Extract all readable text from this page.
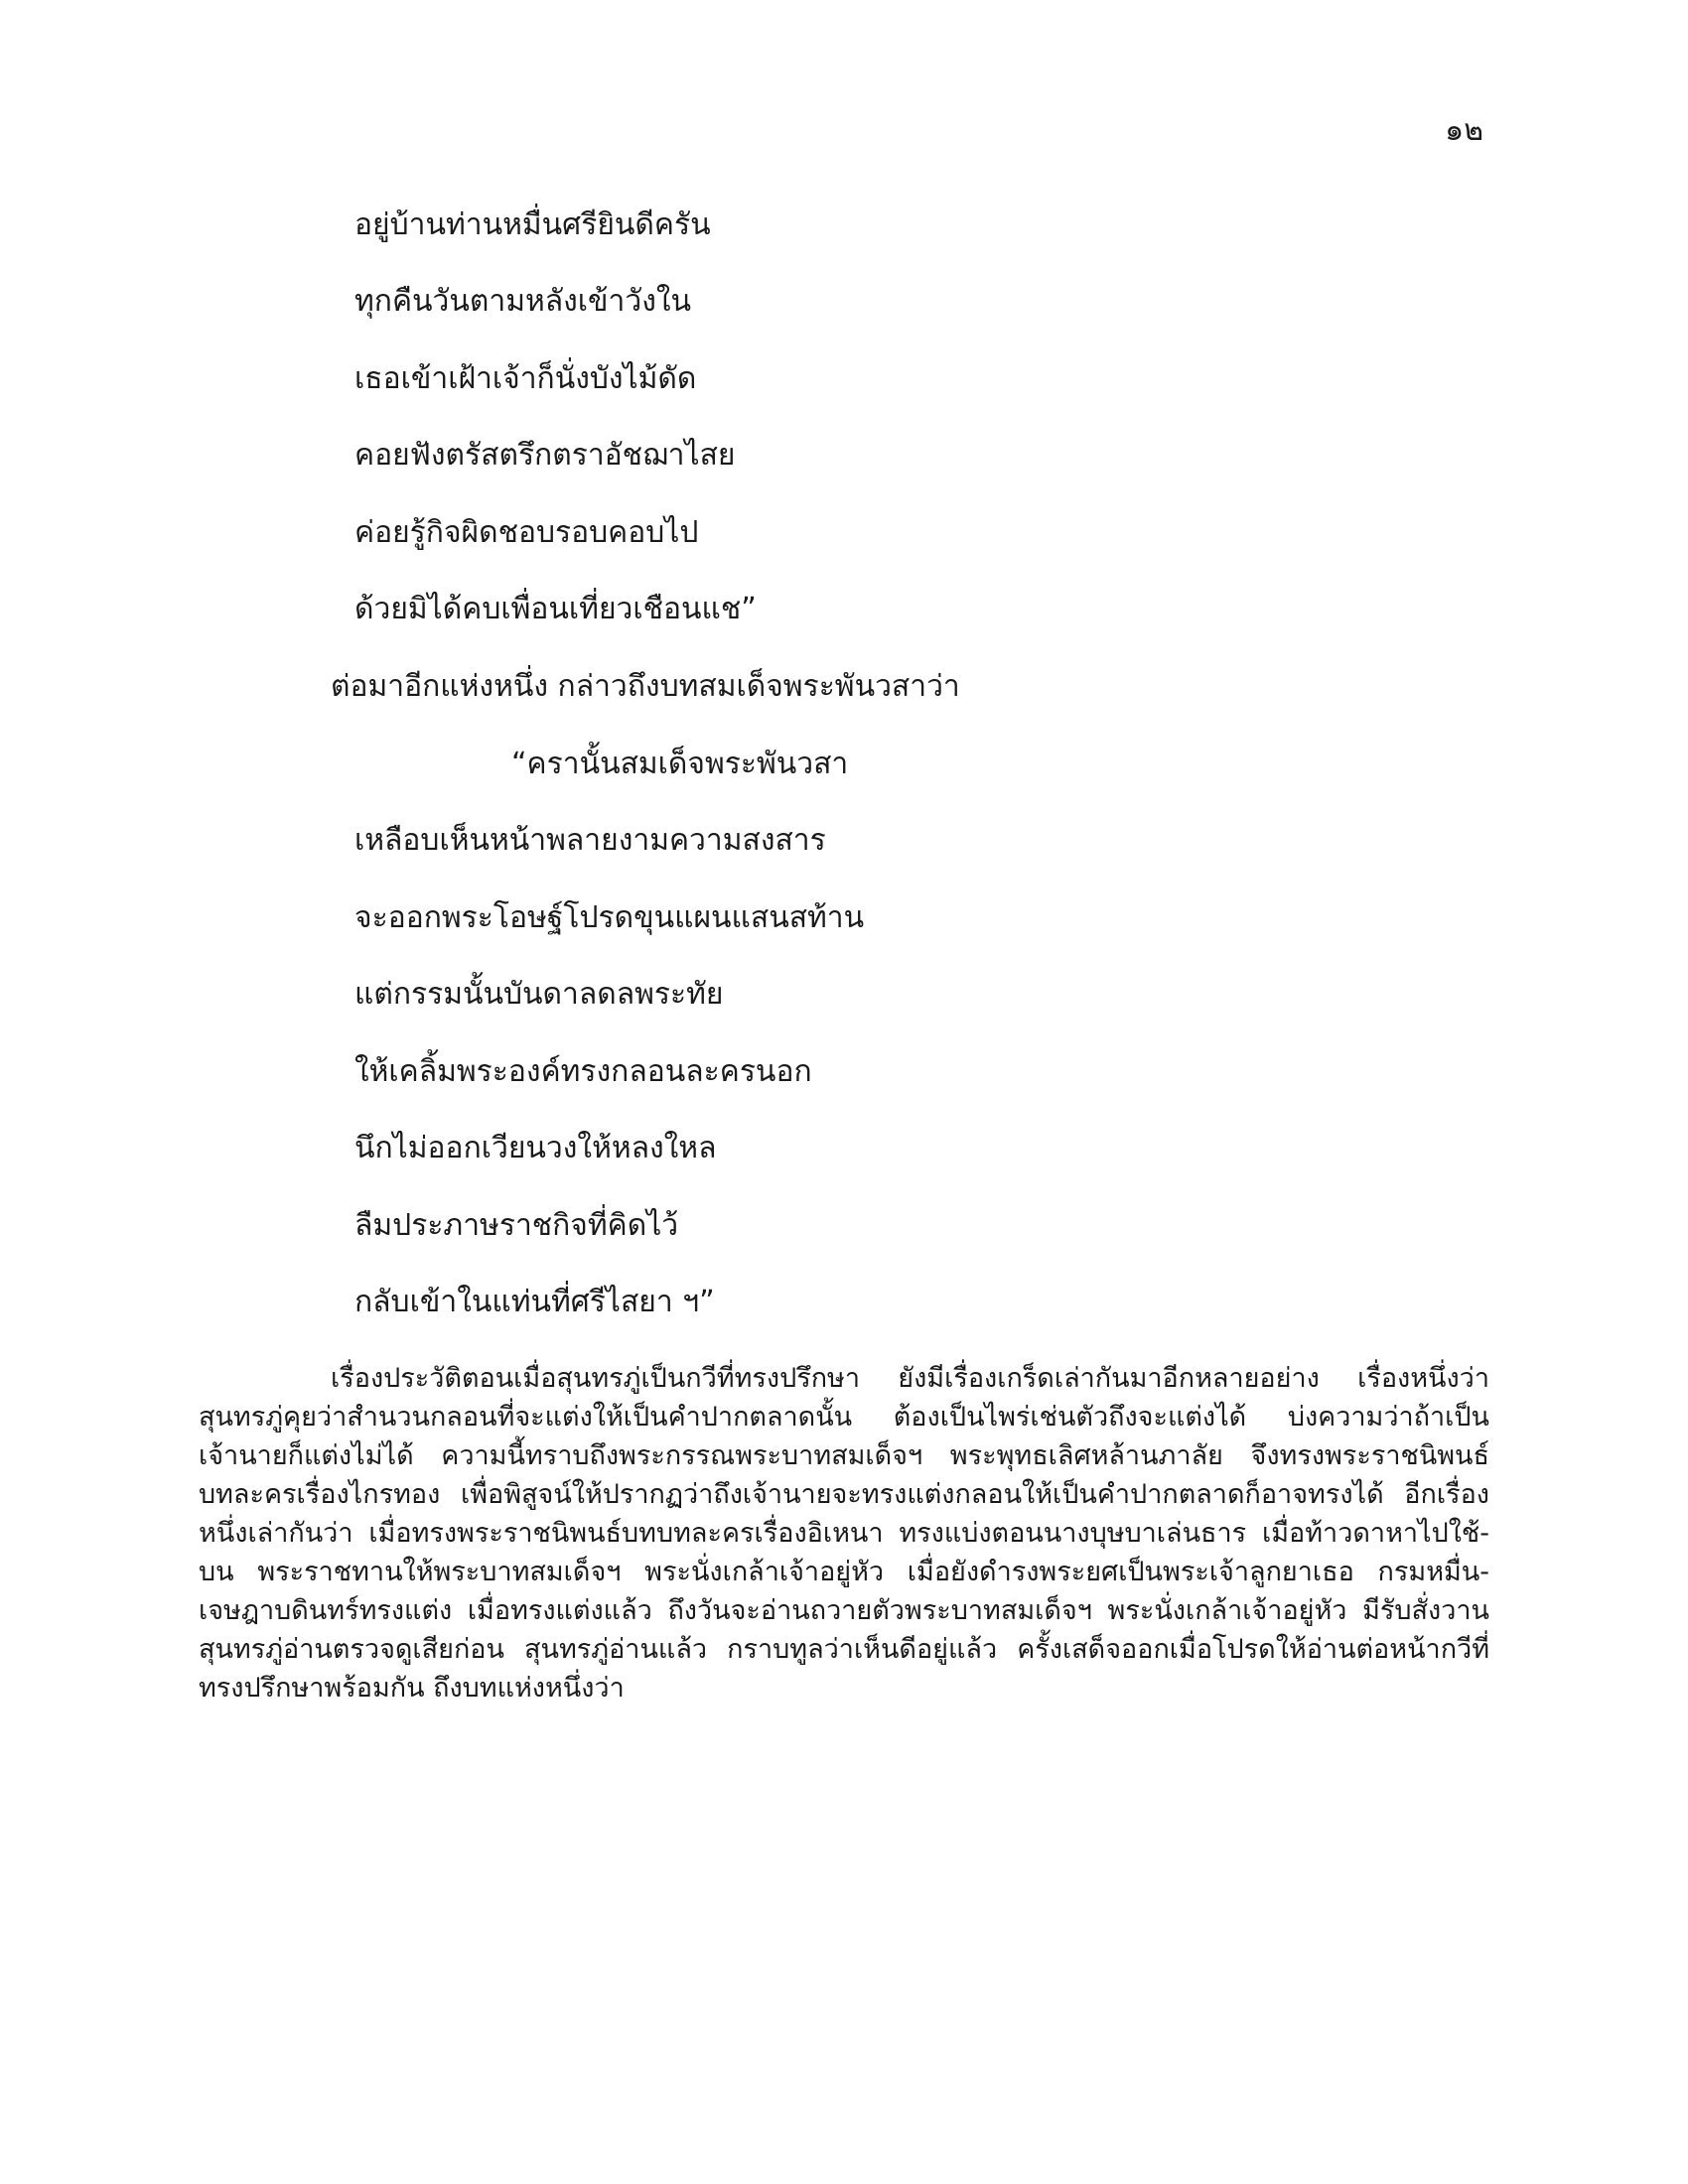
๑๒
อยู่บ้านท่านหมื่นศรียินดีครัน
ทุกคืนวันตามหลังเข้าวังใน
เธอเข้าเฝ้าเจ้าก็นั่งบังไม้ดัด
คอยฟังตรัสตรึกตราอัชฌาไสย
ค่อยรู้กิจผิดชอบรอบคอบไป
ด้วยมิได้คบเพื่อนเที่ยวเชือนแช”
ต่อมาอีกแห่งหนึ่ง กล่าวถึงบทสมเด็จพระพันวสาว่า
“ครานั้นสมเด็จพระพันวสา
เหลือบเห็นหน้าพลายงามความสงสาร
จะออกพระโอษฐ์โปรดขุนแผนแสนสท้าน
แต่กรรมนั้นบันดาลดลพระทัย
ให้เคลิ้มพระองค์ทรงกลอนละครนอก
นึกไม่ออกเวียนวงให้หลงใหล
ลืมประภาษราชกิจที่คิดไว้
กลับเข้าในแท่นที่ศรีไสยา ฯ”
เรื่องประวัติตอนเมื่อสุนทรภู่เป็นกวีที่ทรงปรึกษา ยังมีเรื่องเกร็ดเล่ากันมาอีกหลายอย่าง เรื่องหนึ่งว่า
สุนทรภู่คุยว่าสำนวนกลอนที่จะแต่งให้เป็นคำปากตลาดนั้น ต้องเป็นไพร่เช่นตัวถึงจะแต่งได้ บ่งความว่าถ้าเป็น
เจ้านายก็แต่งไม่ได้ ความนี้ทราบถึงพระกรรณพระบาทสมเด็จฯ พระพุทธเลิศหล้านภาลัย จึงทรงพระราชนิพนธ์
บทละครเรื่องไกรทอง เพื่อพิสูจน์ให้ปรากฏว่าถึงเจ้านายจะทรงแต่งกลอนให้เป็นคำปากตลาดก็อาจทรงได้ อีกเรื่อง
หนึ่งเล่ากันว่า เมื่อทรงพระราชนิพนธ์บทบทละครเรื่องอิเหนา ทรงแบ่งตอนนางบุษบาเล่นธาร เมื่อท้าวดาหาไปใช้-
บน พระราชทานให้พระบาทสมเด็จฯ พระนั่งเกล้าเจ้าอยู่หัว เมื่อยังดำรงพระยศเป็นพระเจ้าลูกยาเธอ กรมหมื่น-
เจษฎาบดินทร์ทรงแต่ง เมื่อทรงแต่งแล้ว ถึงวันจะอ่านถวายตัวพระบาทสมเด็จฯ พระนั่งเกล้าเจ้าอยู่หัว มีรับสั่งวาน
สุนทรภู่อ่านตรวจดูเสียก่อน สุนทรภู่อ่านแล้ว กราบทูลว่าเห็นดีอยู่แล้ว ครั้งเสด็จออกเมื่อโปรดให้อ่านต่อหน้ากวีที่
ทรงปรึกษาพร้อมกัน ถึงบทแห่งหนึ่งว่า
